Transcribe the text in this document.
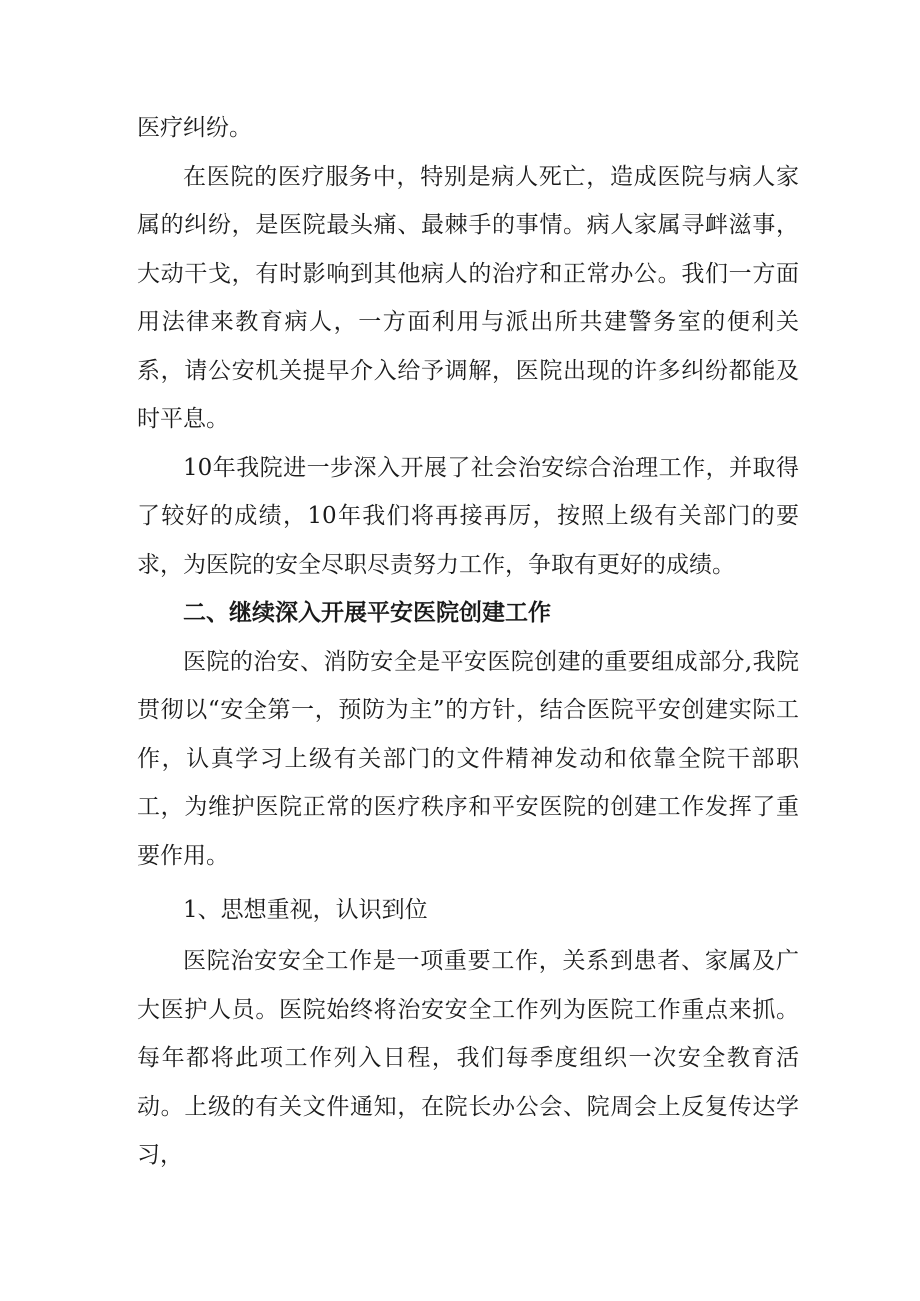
医疗纠纷。

在医院的医疗服务中，特别是病人死亡，造成医院与病人家属的纠纷，是医院最头痛、最棘手的事情。病人家属寻衅滋事，大动干戈，有时影响到其他病人的治疗和正常办公。我们一方面用法律来教育病人，一方面利用与派出所共建警务室的便利关系，请公安机关提早介入给予调解，医院出现的许多纠纷都能及时平息。

10年我院进一步深入开展了社会治安综合治理工作，并取得了较好的成绩，10年我们将再接再厉，按照上级有关部门的要求，为医院的安全尽职尽责努力工作，争取有更好的成绩。

二、继续深入开展平安医院创建工作

医院的治安、消防安全是平安医院创建的重要组成部分,我院贯彻以“安全第一，预防为主”的方针，结合医院平安创建实际工作，认真学习上级有关部门的文件精神发动和依靠全院干部职工，为维护医院正常的医疗秩序和平安医院的创建工作发挥了重要作用。

1、思想重视，认识到位

医院治安安全工作是一项重要工作，关系到患者、家属及广大医护人员。医院始终将治安安全工作列为医院工作重点来抓。每年都将此项工作列入日程，我们每季度组织一次安全教育活动。上级的有关文件通知，在院长办公会、院周会上反复传达学习，
